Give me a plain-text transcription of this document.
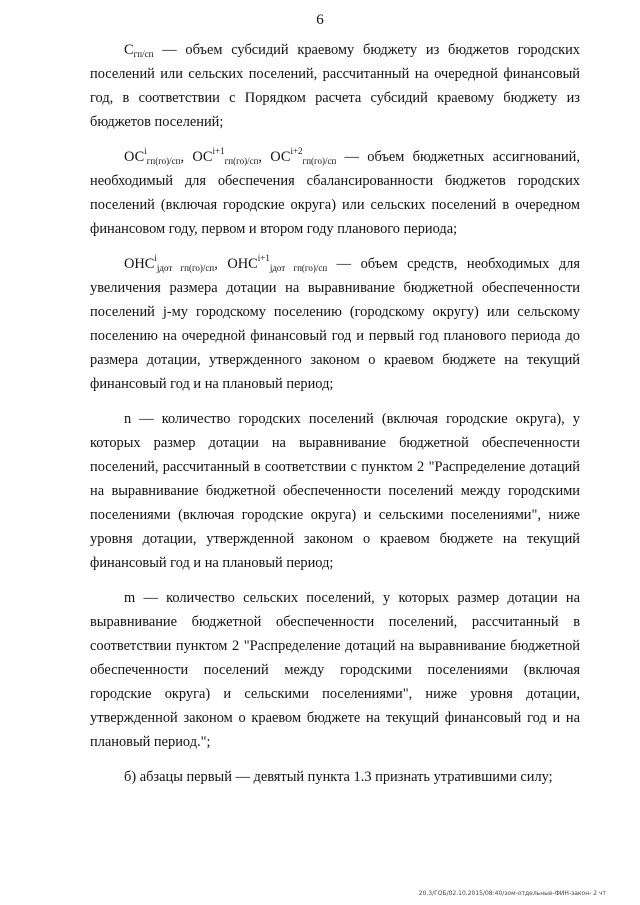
6

$С_{гп/сп}$ — объем субсидий краевому бюджету из бюджетов городских поселений или сельских поселений, рассчитанный на очередной финансовый год, в соответствии с Порядком расчета субсидий краевому бюджету из бюджетов поселений;

$ОС^i_{гп(го)/сп}$, $ОС^{i+1}_{гп(го)/сп}$, $ОС^{i+2}_{гп(го)/сп}$ — объем бюджетных ассигнований, необходимый для обеспечения сбалансированности бюджетов городских поселений (включая городские округа) или сельских поселений в очередном финансовом году, первом и втором году планового периода;

$ОНС^i_{jдот гп(го)/сп}$, $ОНС^{i+1}_{jдот гп(го)/сп}$ — объем средств, необходимых для увеличения размера дотации на выравнивание бюджетной обеспеченности поселений j-му городскому поселению (городскому округу) или сельскому поселению на очередной финансовый год и первый год планового периода до размера дотации, утвержденного законом о краевом бюджете на текущий финансовый год и на плановый период;

n — количество городских поселений (включая городские округа), у которых размер дотации на выравнивание бюджетной обеспеченности поселений, рассчитанный в соответствии с пунктом 2 "Распределение дотаций на выравнивание бюджетной обеспеченности поселений между городскими поселениями (включая городские округа) и сельскими поселениями", ниже уровня дотации, утвержденной законом о краевом бюджете на текущий финансовый год и на плановый период;

m — количество сельских поселений, у которых размер дотации на выравнивание бюджетной обеспеченности поселений, рассчитанный в соответствии пунктом 2 "Распределение дотаций на выравнивание бюджетной обеспеченности поселений между городскими поселениями (включая городские округа) и сельскими поселениями", ниже уровня дотации, утвержденной законом о краевом бюджете на текущий финансовый год и на плановый период.";

б) абзацы первый — девятый пункта 1.3 признать утратившими силу;

20.3/ГОБ/02.10.2015/08:40/зом-отдельные-ФИН-закон- 2 чт
